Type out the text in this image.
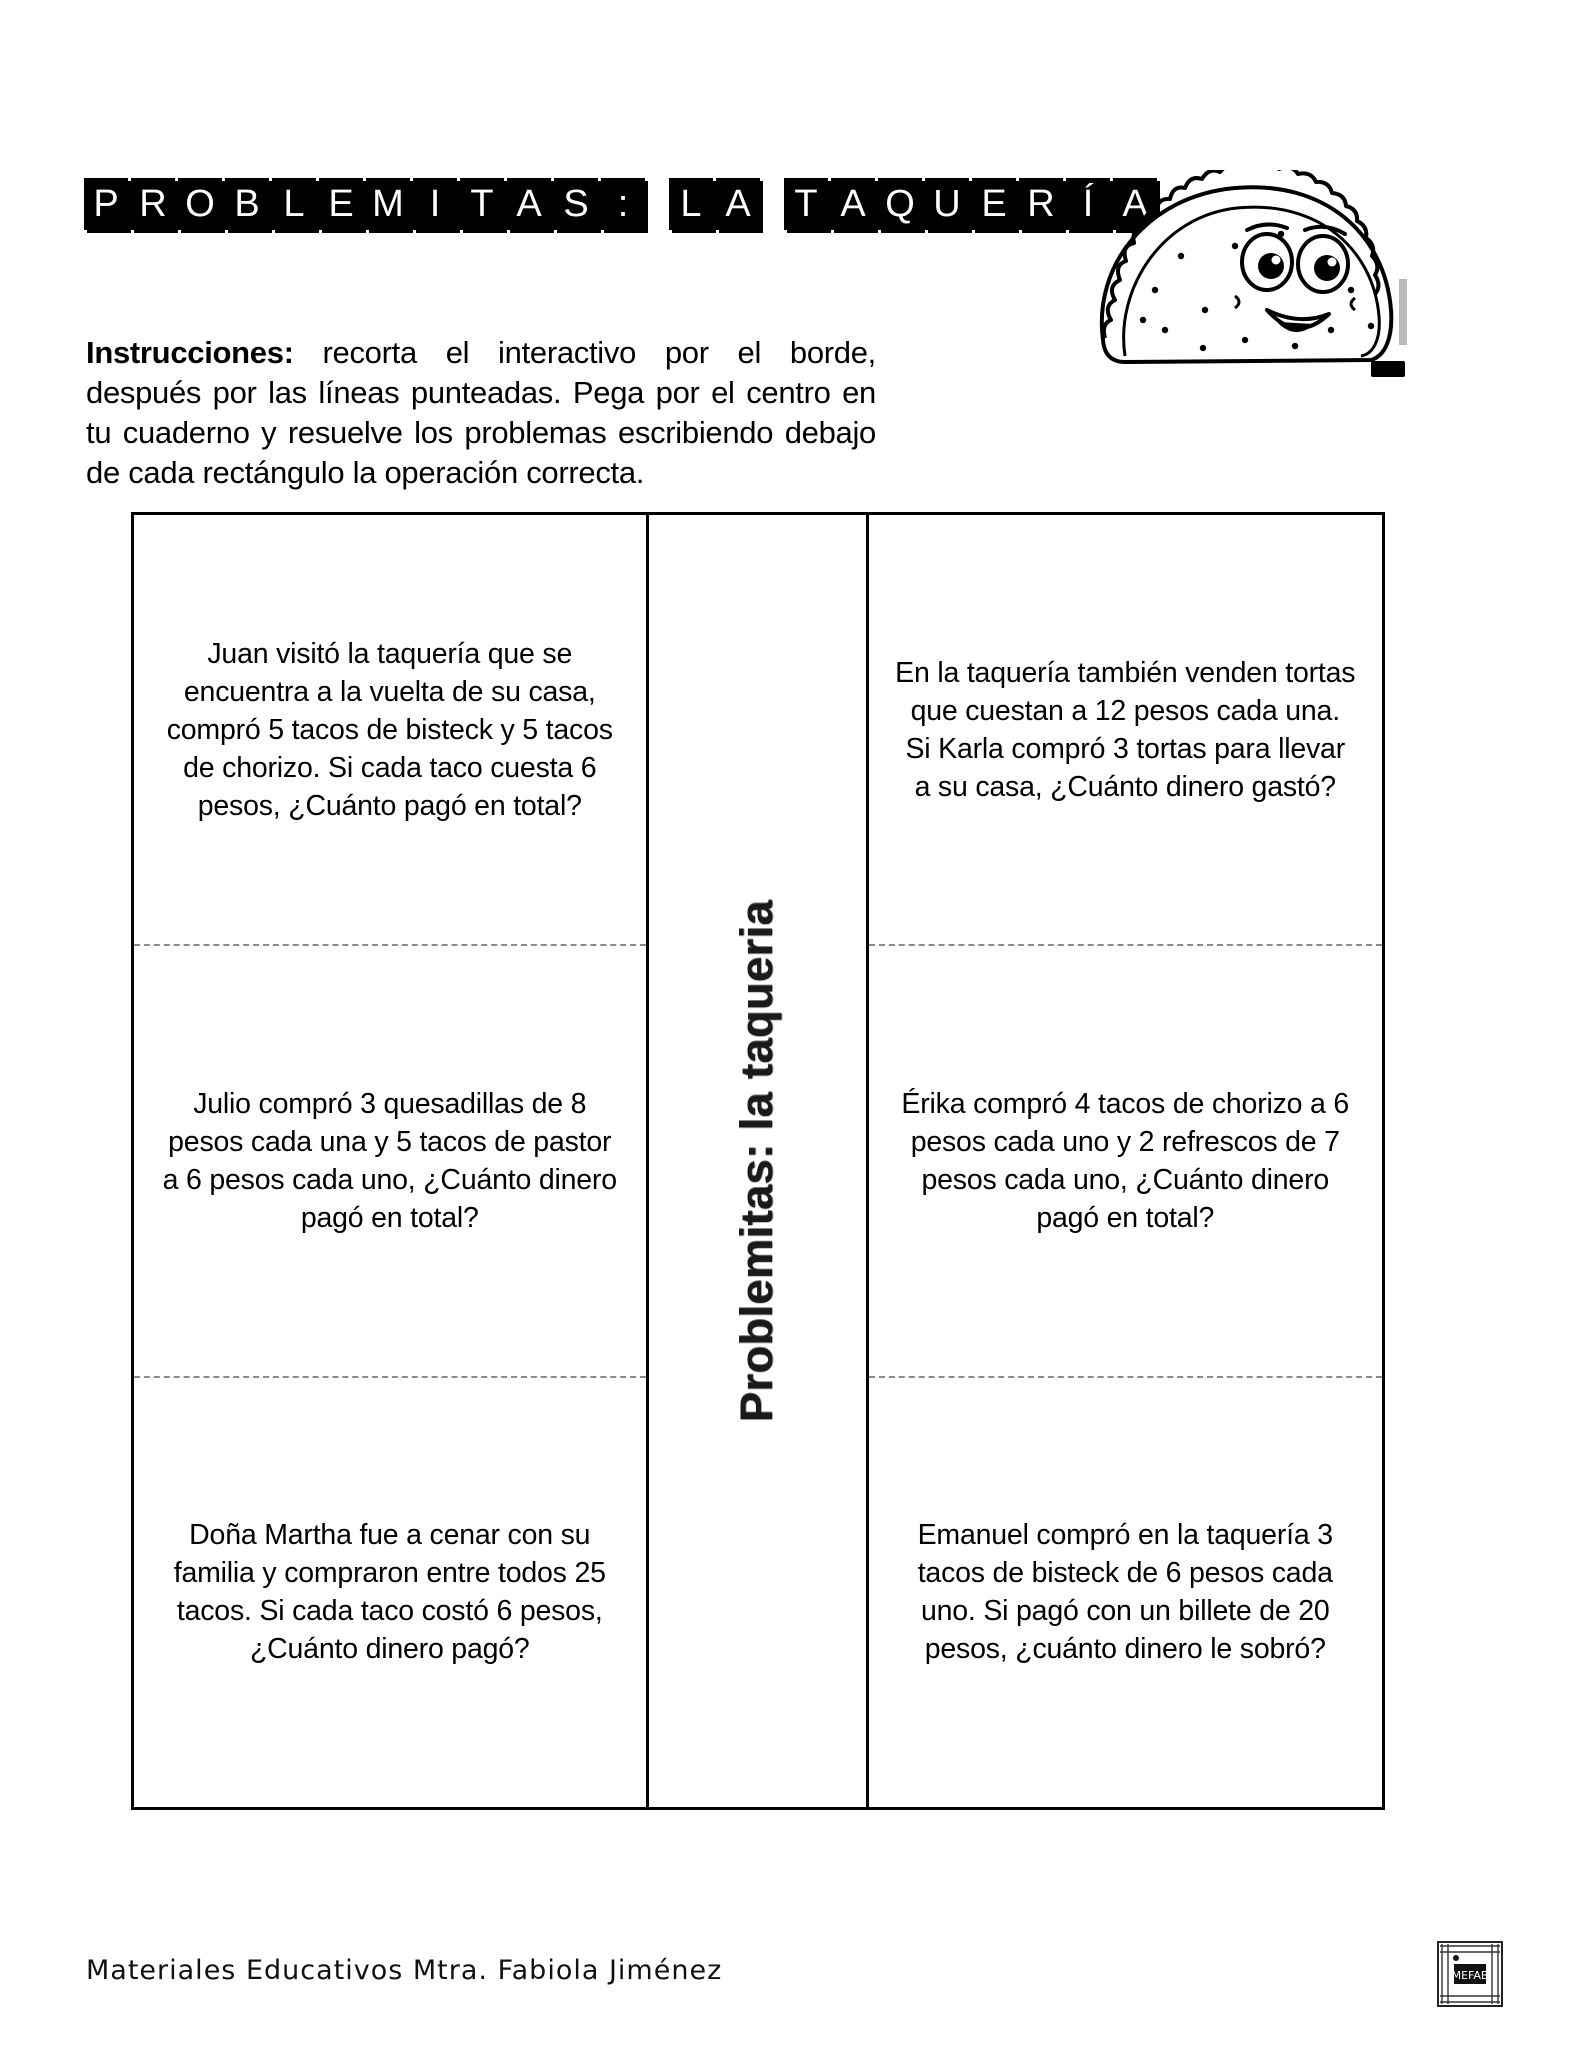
P R O B L E M I T A S :	L A T A Q U E R Í A

Instrucciones: recorta el interactivo por el borde, después por las líneas punteadas. Pega por el centro en tu cuaderno y resuelve los problemas escribiendo debajo de cada rectángulo la operación correcta.

Juan visitó la taquería que se encuentra a la vuelta de su casa, compró 5 tacos de bisteck y 5 tacos de chorizo. Si cada taco cuesta 6 pesos, ¿Cuánto pagó en total?
Julio compró 3 quesadillas de 8 pesos cada una y 5 tacos de pastor a 6 pesos cada uno, ¿Cuánto dinero pagó en total?
Doña Martha fue a cenar con su familia y compraron entre todos 25 tacos. Si cada taco costó 6 pesos, ¿Cuánto dinero pagó?
Problemitas: la taqueria
En la taquería también venden tortas que cuestan a 12 pesos cada una. Si Karla compró 3 tortas para llevar a su casa, ¿Cuánto dinero gastó?
Érika compró 4 tacos de chorizo a 6 pesos cada uno y 2 refrescos de 7 pesos cada uno, ¿Cuánto dinero pagó en total?
Emanuel compró en la taquería 3 tacos de bisteck de 6 pesos cada uno. Si pagó con un billete de 20 pesos, ¿cuánto dinero le sobró?
Materiales Educativos Mtra. Fabiola Jiménez	MEFAB
